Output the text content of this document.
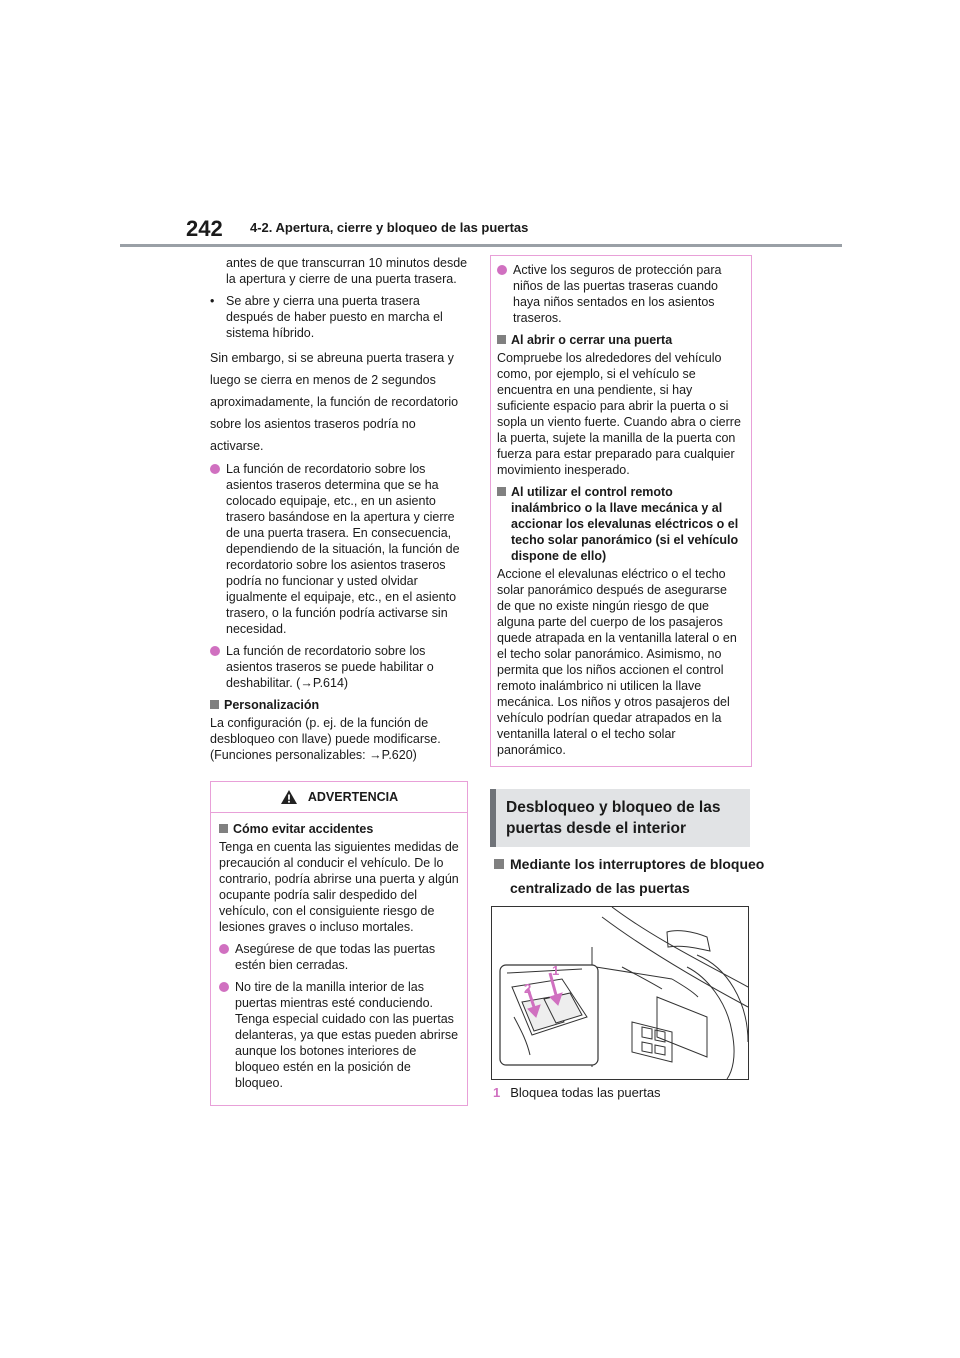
242 4-2. Apertura, cierre y bloqueo de las puertas

antes de que transcurran 10 minutos desde la apertura y cierre de una puerta trasera.

• Se abre y cierra una puerta trasera después de haber puesto en marcha el sistema híbrido.

Sin embargo, si se abreuna puerta trasera y luego se cierra en menos de 2 segundos aproximadamente, la función de recordatorio sobre los asientos traseros podría no activarse.

La función de recordatorio sobre los asientos traseros determina que se ha colocado equipaje, etc., en un asiento trasero basándose en la apertura y cierre de una puerta trasera. En consecuencia, dependiendo de la situación, la función de recordatorio sobre los asientos traseros podría no funcionar y usted olvidar igualmente el equipaje, etc., en el asiento trasero, o la función podría activarse sin necesidad.
La función de recordatorio sobre los asientos traseros se puede habilitar o deshabilitar. (→P.614)
Personalización

La configuración (p. ej. de la función de desbloqueo con llave) puede modificarse. (Funciones personalizables: →P.620)

ADVERTENCIA
Cómo evitar accidentes

Tenga en cuenta las siguientes medidas de precaución al conducir el vehículo. De lo contrario, podría abrirse una puerta y algún ocupante podría salir despedido del vehículo, con el consiguiente riesgo de lesiones graves o incluso mortales.

Asegúrese de que todas las puertas estén bien cerradas.
No tire de la manilla interior de las puertas mientras esté conduciendo. Tenga especial cuidado con las puertas delanteras, ya que estas pueden abrirse aunque los botones interiores de bloqueo estén en la posición de bloqueo.
Active los seguros de protección para niños de las puertas traseras cuando haya niños sentados en los asientos traseros.
Al abrir o cerrar una puerta

Compruebe los alrededores del vehículo como, por ejemplo, si el vehículo se encuentra en una pendiente, si hay suficiente espacio para abrir la puerta o si sopla un viento fuerte. Cuando abra o cierre la puerta, sujete la manilla de la puerta con fuerza para estar preparado para cualquier movimiento inesperado.

Al utilizar el control remoto inalámbrico o la llave mecánica y al accionar los elevalunas eléctricos o el techo solar panorámico (si el vehículo dispone de ello)

Accione el elevalunas eléctrico o el techo solar panorámico después de asegurarse de que no existe ningún riesgo de que alguna parte del cuerpo de los pasajeros quede atrapada en la ventanilla lateral o en el techo solar panorámico. Asimismo, no permita que los niños accionen el control remoto inalámbrico ni utilicen la llave mecánica. Los niños y otros pasajeros del vehículo podrían quedar atrapados en la ventanilla lateral o el techo solar panorámico.

Desbloqueo y bloqueo de las puertas desde el interior
Mediante los interruptores de bloqueo centralizado de las puertas
1
2
1 Bloquea todas las puertas
